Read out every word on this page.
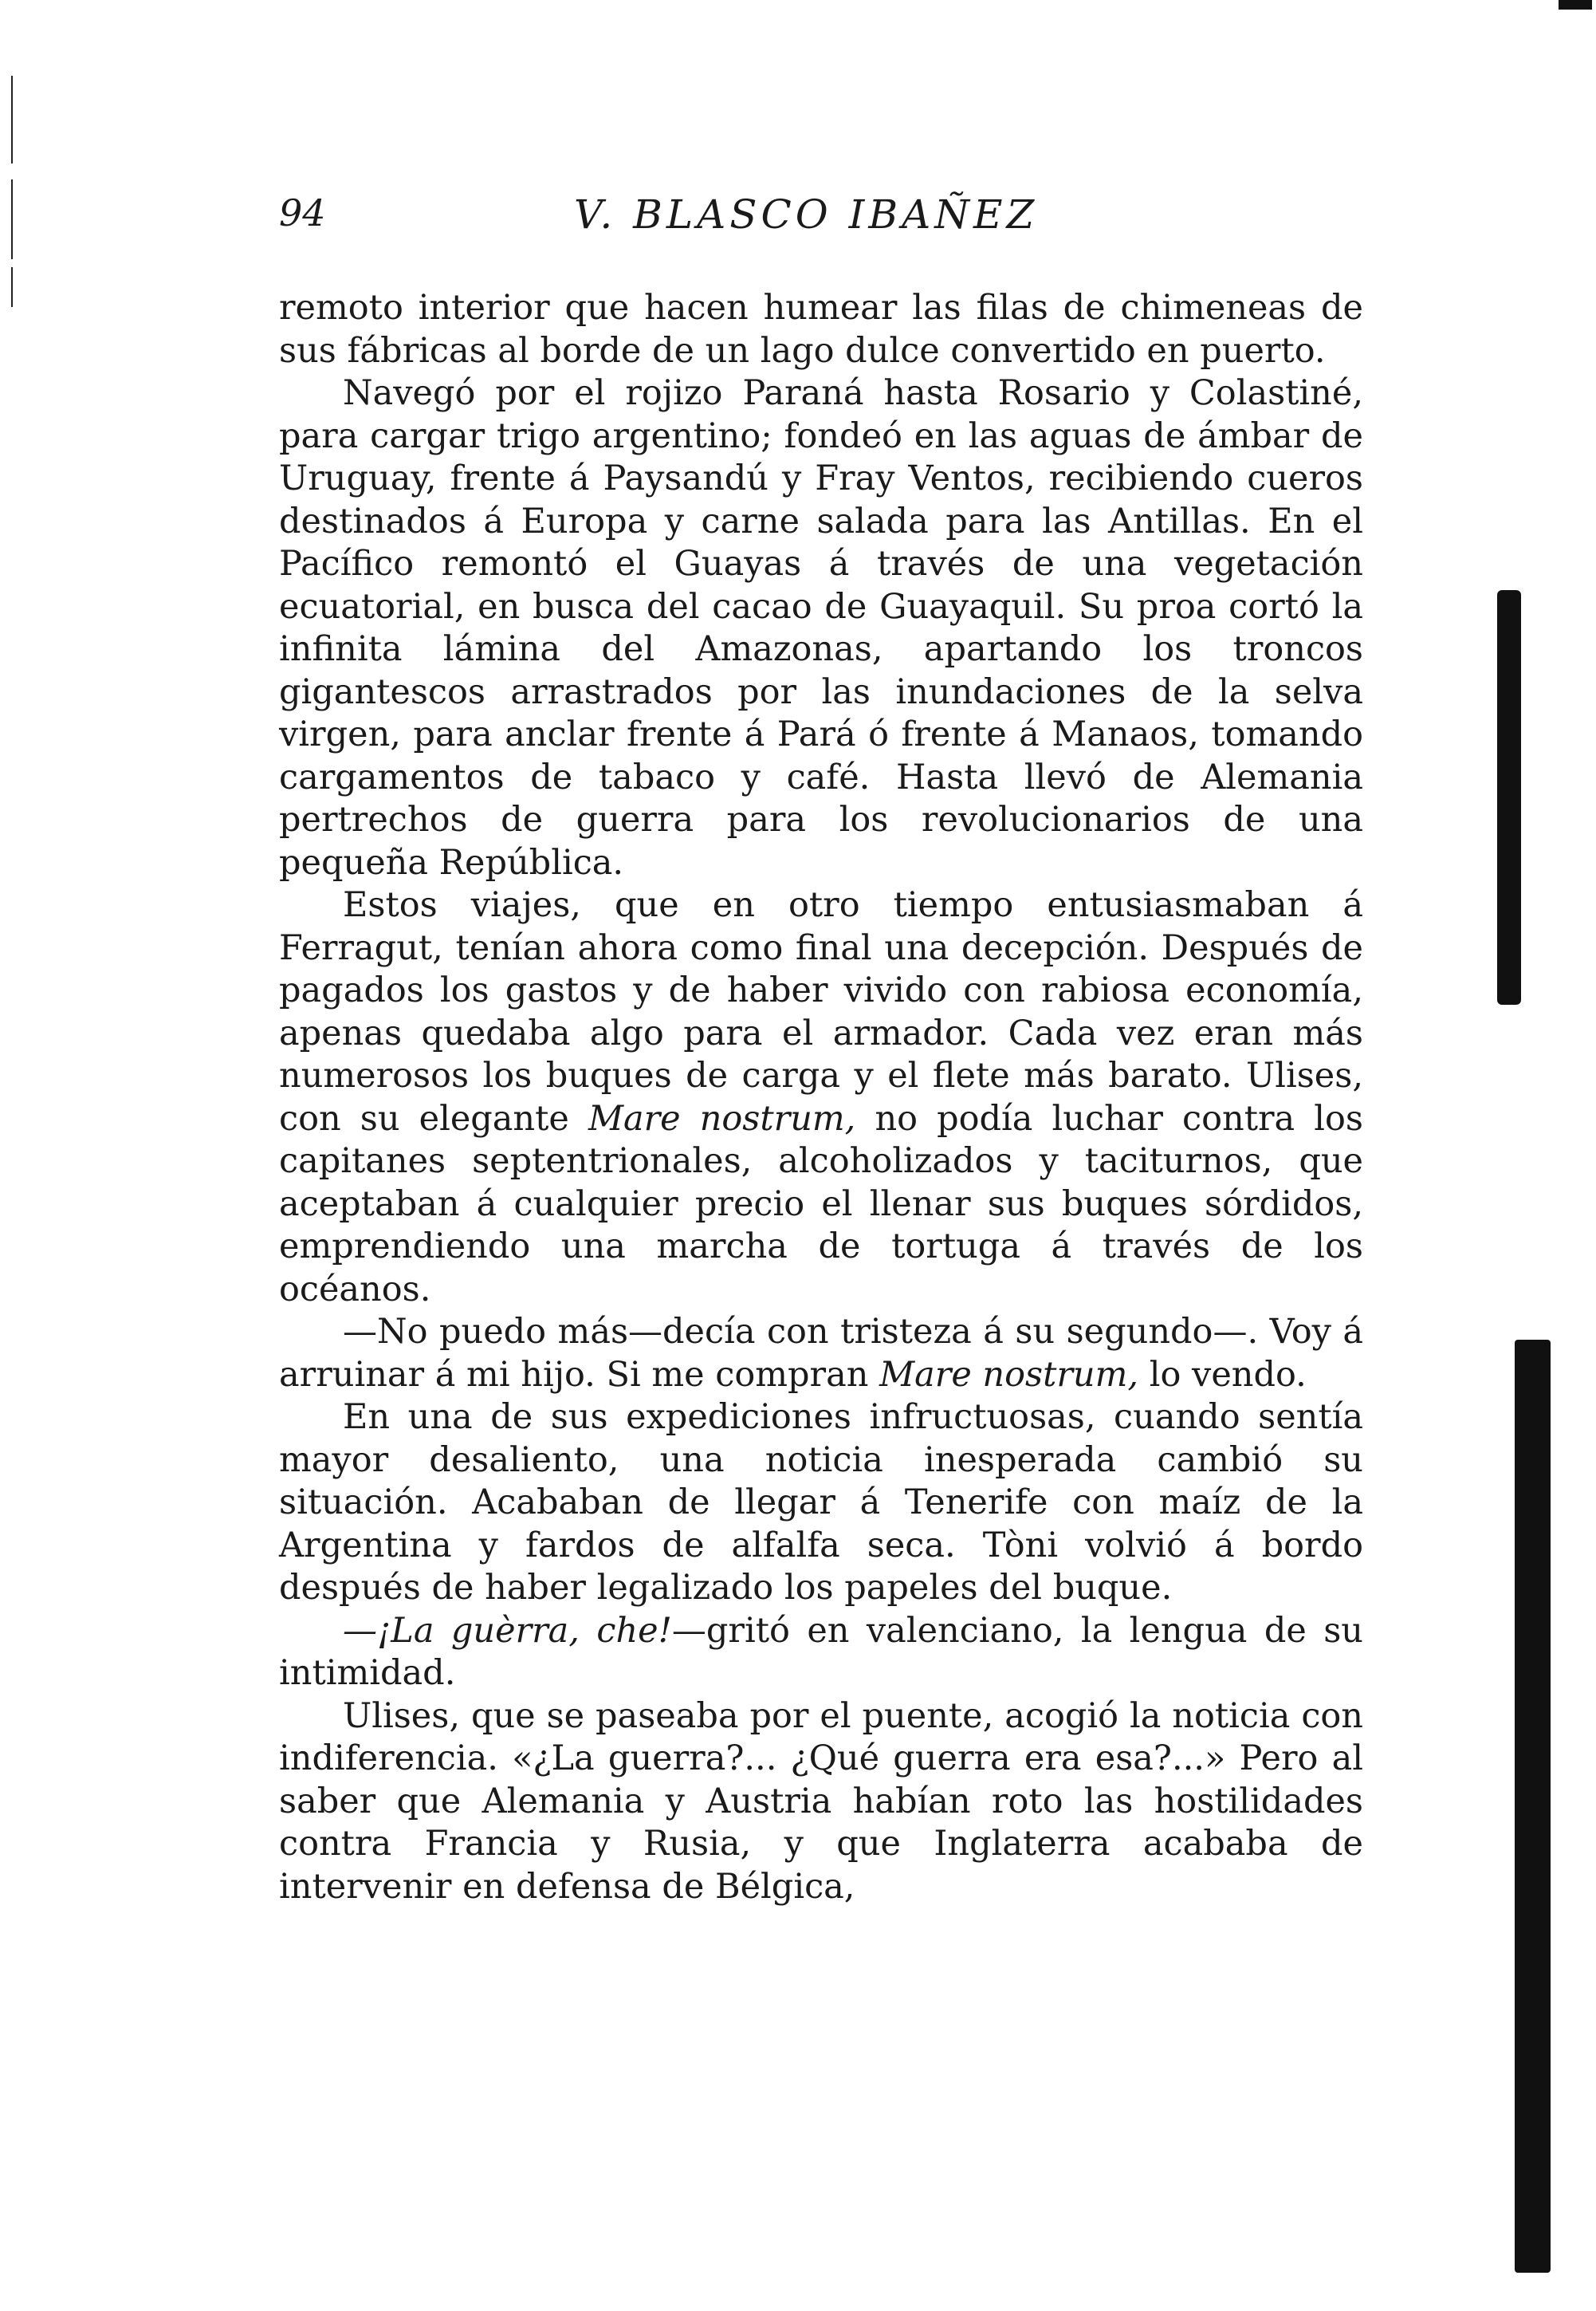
94	V. BLASCO IBAÑEZ

remoto interior que hacen humear las filas de chimeneas de sus fábricas al borde de un lago dulce convertido en puerto.

Navegó por el rojizo Paraná hasta Rosario y Colastiné, para cargar trigo argentino; fondeó en las aguas de ámbar de Uruguay, frente á Paysandú y Fray Ventos, recibiendo cueros destinados á Europa y carne salada para las Antillas. En el Pacífico remontó el Guayas á través de una vegetación ecuatorial, en busca del cacao de Guayaquil. Su proa cortó la infinita lámina del Amazonas, apartando los troncos gigantescos arrastrados por las inundaciones de la selva virgen, para anclar frente á Pará ó frente á Manaos, tomando cargamentos de tabaco y café. Hasta llevó de Alemania pertrechos de guerra para los revolucionarios de una pequeña República.

Estos viajes, que en otro tiempo entusiasmaban á Ferragut, tenían ahora como final una decepción. Después de pagados los gastos y de haber vivido con rabiosa economía, apenas quedaba algo para el armador. Cada vez eran más numerosos los buques de carga y el flete más barato. Ulises, con su elegante Mare nostrum, no podía luchar contra los capitanes septentrionales, alcoholizados y taciturnos, que aceptaban á cualquier precio el llenar sus buques sórdidos, emprendiendo una marcha de tortuga á través de los océanos.

—No puedo más—decía con tristeza á su segundo—. Voy á arruinar á mi hijo. Si me compran Mare nostrum, lo vendo.

En una de sus expediciones infructuosas, cuando sentía mayor desaliento, una noticia inesperada cambió su situación. Acababan de llegar á Tenerife con maíz de la Argentina y fardos de alfalfa seca. Tòni volvió á bordo después de haber legalizado los papeles del buque.

—¡La guèrra, che!—gritó en valenciano, la lengua de su intimidad.

Ulises, que se paseaba por el puente, acogió la noticia con indiferencia. «¿La guerra?... ¿Qué guerra era esa?...» Pero al saber que Alemania y Austria habían roto las hostilidades contra Francia y Rusia, y que Inglaterra acababa de intervenir en defensa de Bélgica,
